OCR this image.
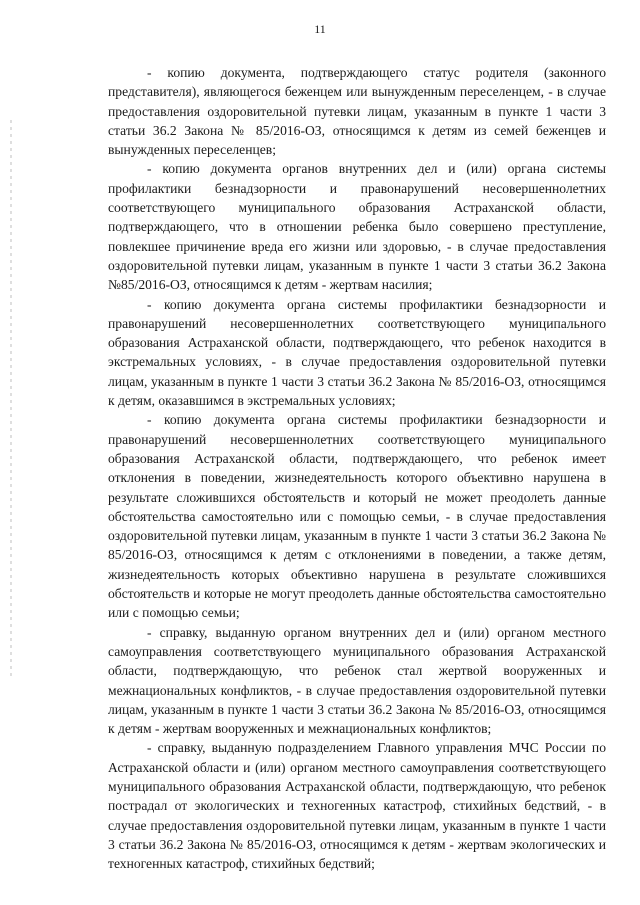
11

- копию документа, подтверждающего статус родителя (законного представителя), являющегося беженцем или вынужденным переселенцем, - в случае предоставления оздоровительной путевки лицам, указанным в пункте 1 части 3 статьи 36.2 Закона № 85/2016-ОЗ, относящимся к детям из семей беженцев и вынужденных переселенцев;

- копию документа органов внутренних дел и (или) органа системы профилактики безнадзорности и правонарушений несовершеннолетних соответствующего муниципального образования Астраханской области, подтверждающего, что в отношении ребенка было совершено преступление, повлекшее причинение вреда его жизни или здоровью, - в случае предоставления оздоровительной путевки лицам, указанным в пункте 1 части 3 статьи 36.2 Закона №85/2016-ОЗ, относящимся к детям - жертвам насилия;

- копию документа органа системы профилактики безнадзорности и правонарушений несовершеннолетних соответствующего муниципального образования Астраханской области, подтверждающего, что ребенок находится в экстремальных условиях, - в случае предоставления оздоровительной путевки лицам, указанным в пункте 1 части 3 статьи 36.2 Закона № 85/2016-ОЗ, относящимся к детям, оказавшимся в экстремальных условиях;

- копию документа органа системы профилактики безнадзорности и правонарушений несовершеннолетних соответствующего муниципального образования Астраханской области, подтверждающего, что ребенок имеет отклонения в поведении, жизнедеятельность которого объективно нарушена в результате сложившихся обстоятельств и который не может преодолеть данные обстоятельства самостоятельно или с помощью семьи, - в случае предоставления оздоровительной путевки лицам, указанным в пункте 1 части 3 статьи 36.2 Закона № 85/2016-ОЗ, относящимся к детям с отклонениями в поведении, а также детям, жизнедеятельность которых объективно нарушена в результате сложившихся обстоятельств и которые не могут преодолеть данные обстоятельства самостоятельно или с помощью семьи;

- справку, выданную органом внутренних дел и (или) органом местного самоуправления соответствующего муниципального образования Астраханской области, подтверждающую, что ребенок стал жертвой вооруженных и межнациональных конфликтов, - в случае предоставления оздоровительной путевки лицам, указанным в пункте 1 части 3 статьи 36.2 Закона № 85/2016-ОЗ, относящимся к детям - жертвам вооруженных и межнациональных конфликтов;

- справку, выданную подразделением Главного управления МЧС России по Астраханской области и (или) органом местного самоуправления соответствующего муниципального образования Астраханской области, подтверждающую, что ребенок пострадал от экологических и техногенных катастроф, стихийных бедствий, - в случае предоставления оздоровительной путевки лицам, указанным в пункте 1 части 3 статьи 36.2 Закона № 85/2016-ОЗ, относящимся к детям - жертвам экологических и техногенных катастроф, стихийных бедствий;
